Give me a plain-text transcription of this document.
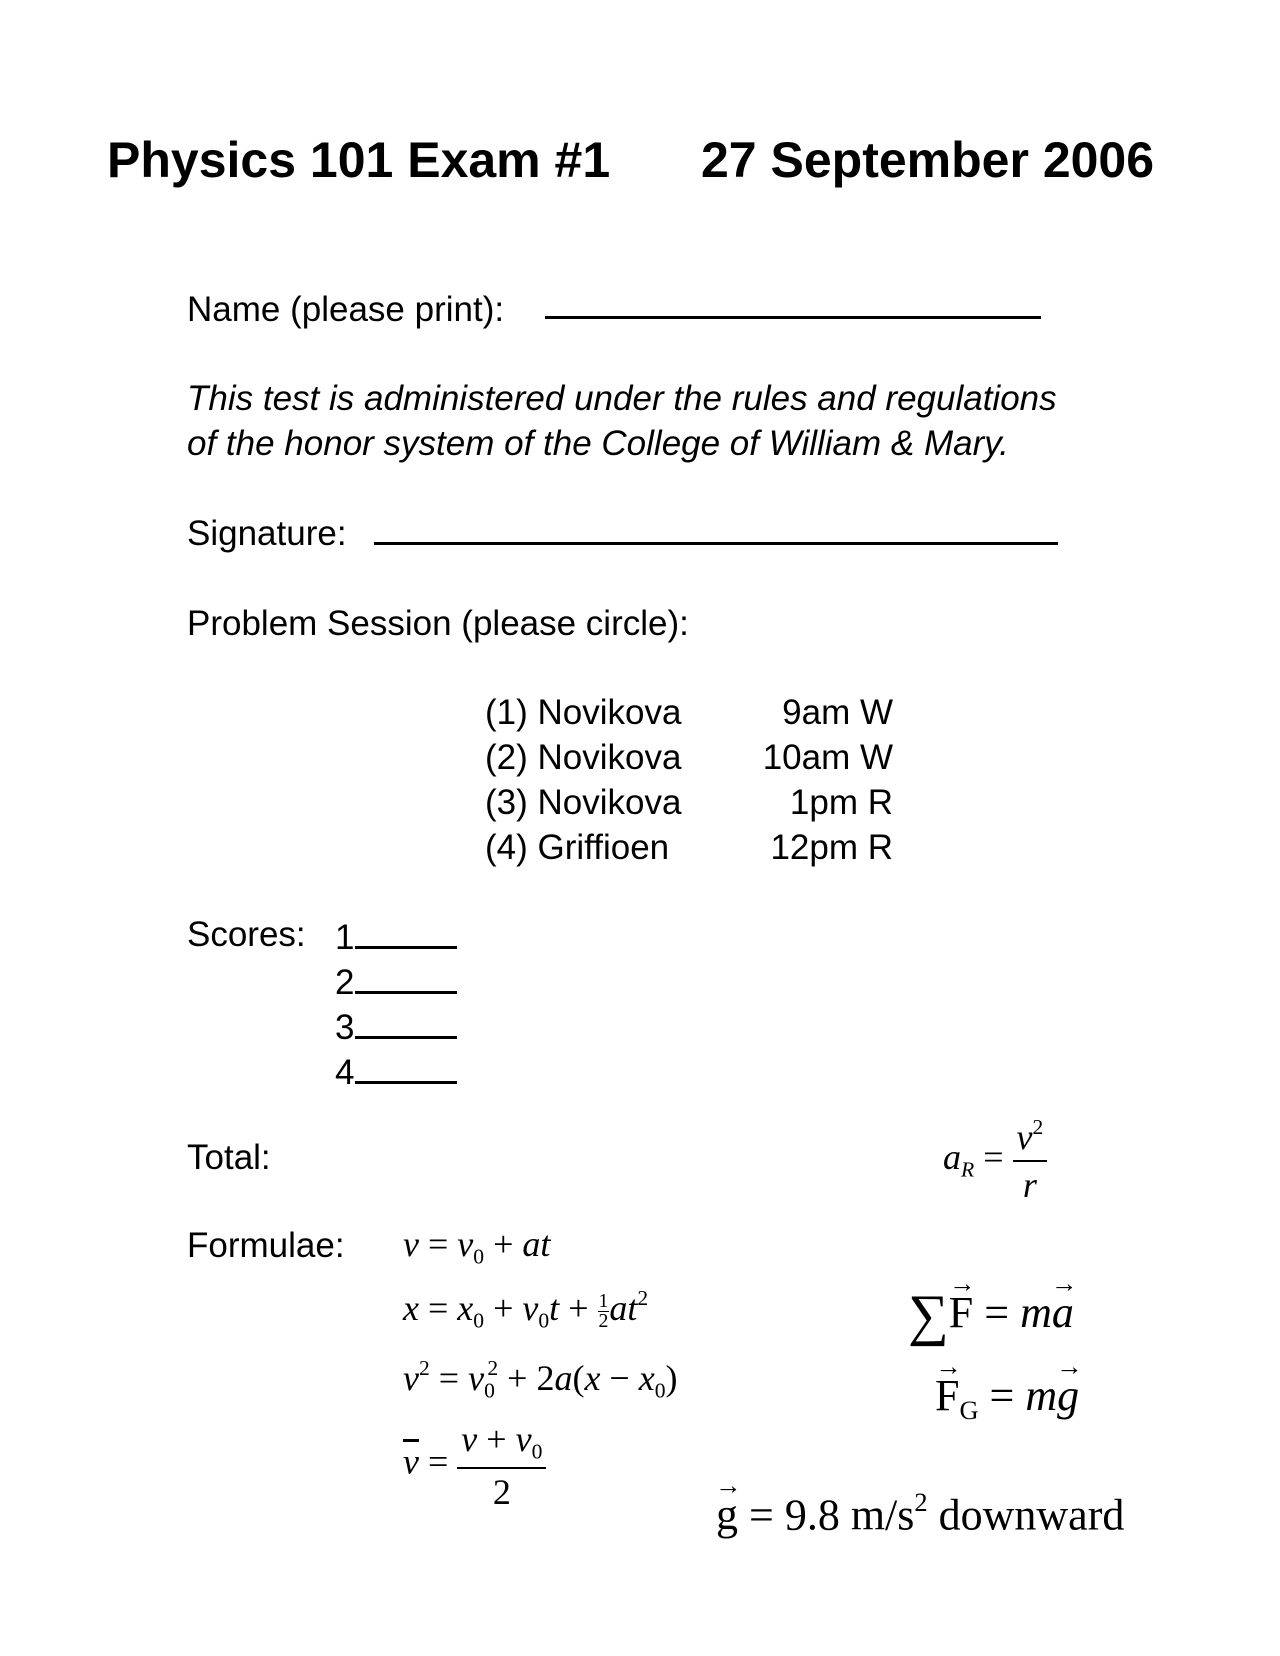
Physics 101 Exam #1 27 September 2006
Name (please print):
This test is administered under the rules and regulations
of the honor system of the College of William & Mary.
Signature:
Problem Session (please circle):
(1) Novikova	9am W
(2) Novikova	10am W
(3) Novikova	1pm R
(4) Griffioen	12pm R
Scores: 1
2
3
4
Total:
Formulae: $v = v_0$ + at
$x = x_0 + v_0t + \frac{1}{2} at^2$
$v^2 = v_0^2 + 2a(x - x_0)$
$\overline{v} = \frac{v + v_0}{2}$
$a_R = \frac{v^2}{r}$
∑→ F = m→ a
→ $F_G = m\to g$
→ g = 9.8 $m/s^2$ downward
